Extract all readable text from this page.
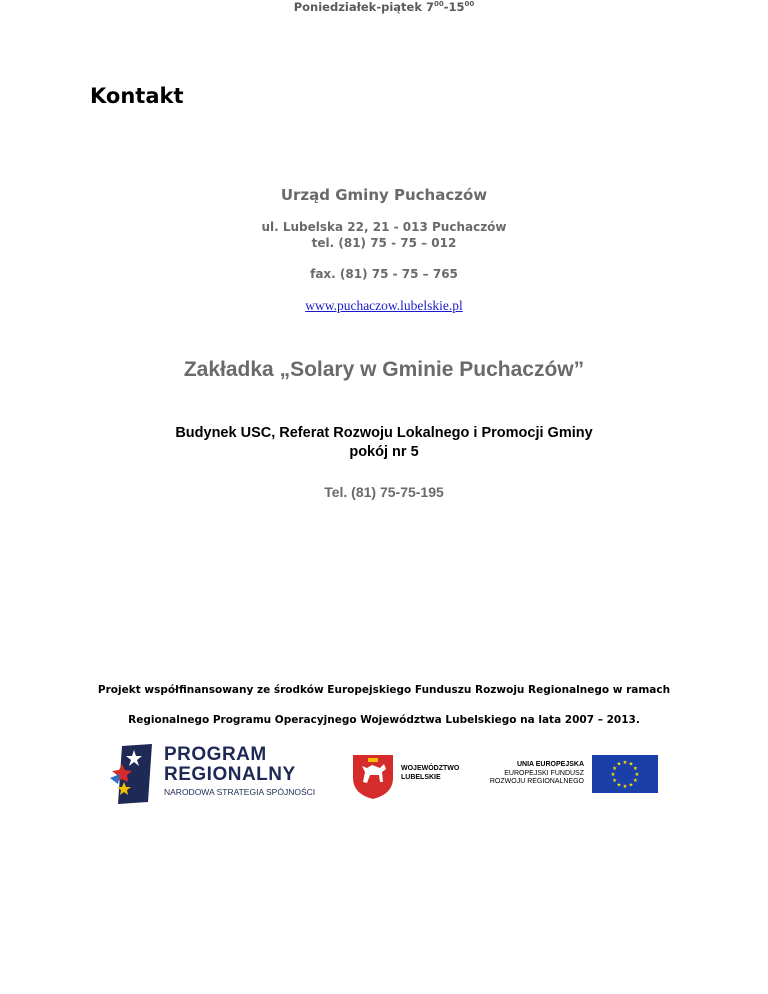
Kontakt
Poniedziałek-piątek $7^{00}-15^{00}$
Urząd Gminy Puchaczów
ul. Lubelska 22, 21 - 013 Puchaczów
tel. (81) 75 - 75 – 012
fax. (81) 75 - 75 – 765
www.puchaczow.lubelskie.pl
Zakładka „Solary w Gminie Puchaczów”
Budynek USC, Referat Rozwoju Lokalnego i Promocji Gminy
pokój nr 5
Tel. (81) 75-75-195
Projekt współfinansowany ze środków Europejskiego Funduszu Rozwoju Regionalnego w ramach
Regionalnego Programu Operacyjnego Województwa Lubelskiego na lata 2007 – 2013.
PROGRAM
REGIONALNY
NARODOWA STRATEGIA SPÓJNOŚCI
WOJEWÓDZTWO
LUBELSKIE
UNIA EUROPEJSKA
EUROPEJSKI FUNDUSZ
ROZWOJU REGIONALNEGO
★ ★
★
★
★
★
★
★
★
★
★
★
